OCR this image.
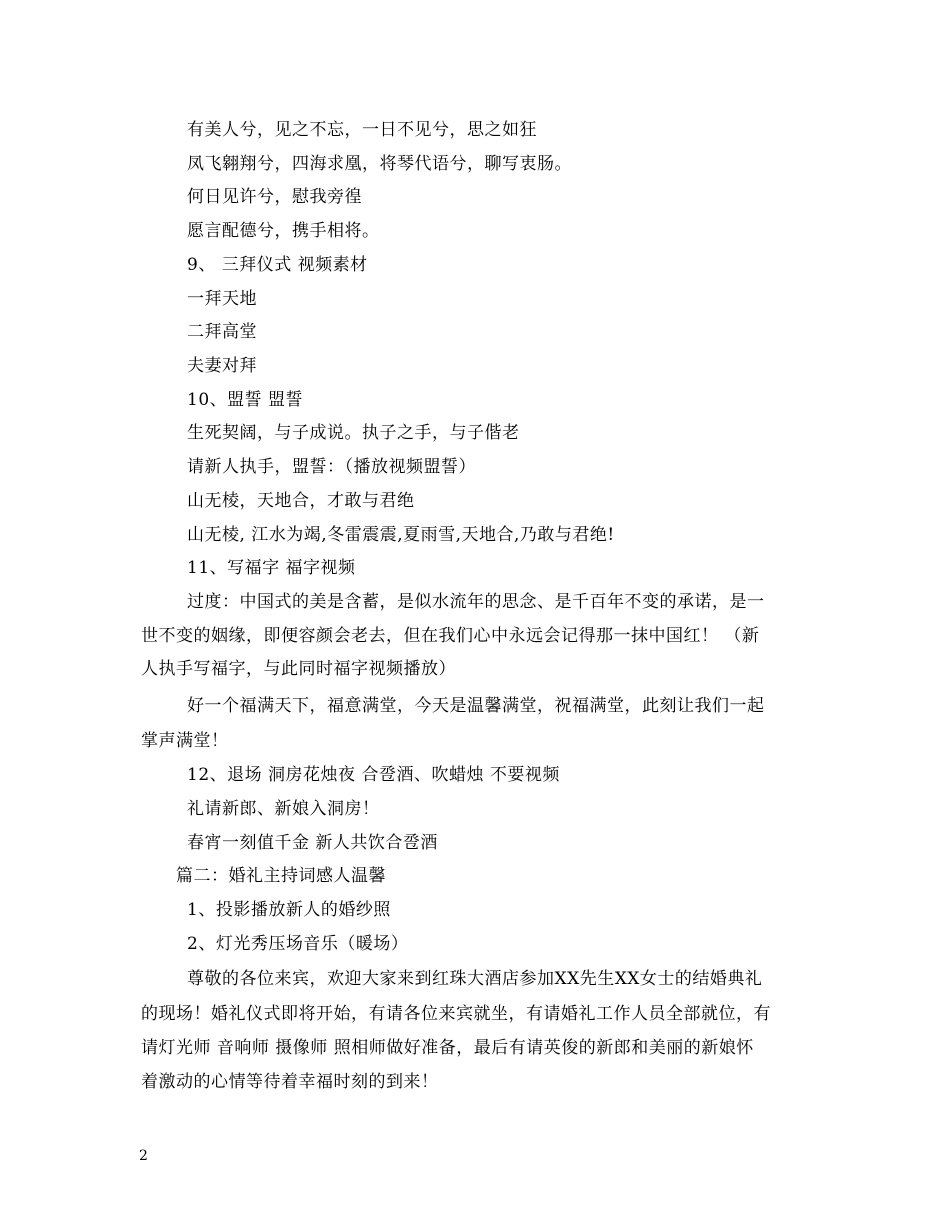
有美人兮，见之不忘，一日不见兮，思之如狂
凤飞翱翔兮，四海求凰，将琴代语兮，聊写衷肠。
何日见许兮，慰我旁徨
愿言配德兮，携手相将。
9、 三拜仪式 视频素材
一拜天地
二拜高堂
夫妻对拜
10、盟誓 盟誓
生死契阔，与子成说。执子之手，与子偕老
请新人执手，盟誓：（播放视频盟誓）
山无棱，天地合，才敢与君绝
山无棱, 江水为竭,冬雷震震,夏雨雪,天地合,乃敢与君绝!
11、写福字 福字视频
过度：中国式的美是含蓄，是似水流年的思念、是千百年不变的承诺，是一
世不变的姻缘，即便容颜会老去，但在我们心中永远会记得那一抹中国红！ （新
人执手写福字，与此同时福字视频播放）
好一个福满天下，福意满堂，今天是温馨满堂，祝福满堂，此刻让我们一起
掌声满堂！
12、退场 洞房花烛夜 合卺酒、吹蜡烛 不要视频
礼请新郎、新娘入洞房！
春宵一刻值千金 新人共饮合卺酒
篇二：婚礼主持词感人温馨
1、投影播放新人的婚纱照
2、灯光秀压场音乐（暖场）
尊敬的各位来宾，欢迎大家来到红珠大酒店参加XX先生XX女士的结婚典礼
的现场！婚礼仪式即将开始，有请各位来宾就坐，有请婚礼工作人员全部就位，有
请灯光师 音响师 摄像师 照相师做好准备，最后有请英俊的新郎和美丽的新娘怀
着激动的心情等待着幸福时刻的到来！
2
